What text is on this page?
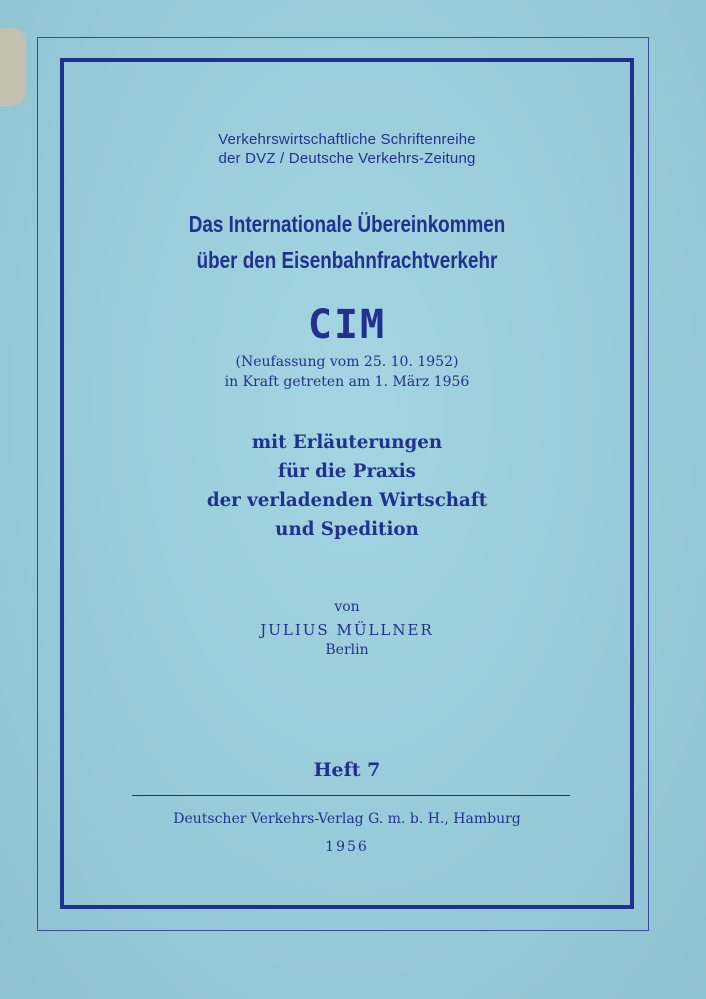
Verkehrswirtschaftliche Schriftenreihe
der DVZ / Deutsche Verkehrs-Zeitung
Das Internationale Übereinkommen
über den Eisenbahnfrachtverkehr
CIM
(Neufassung vom 25. 10. 1952)
in Kraft getreten am 1. März 1956
mit Erläuterungen
für die Praxis
der verladenden Wirtschaft
und Spedition
von
JULIUS MÜLLNER
Berlin
Heft 7
Deutscher Verkehrs-Verlag G. m. b. H., Hamburg
1956
